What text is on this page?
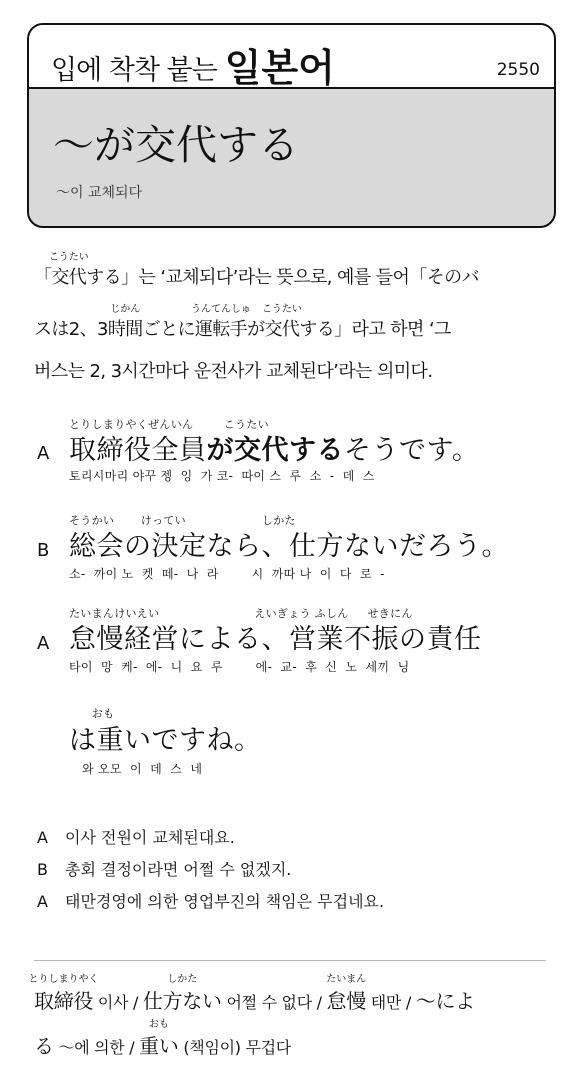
입에 착착 붙는 일본어	2550
〜が交代する
〜이 교체되다
「
こうたい
交代する」는 ‘교체되다’라는 뜻으로, 예를 들어「そのバ
スは2、3
じかん
時間ごとに
うんてんしゅ
運転手が
こうたい
交代する」라고 하면 ‘그
버스는 2, 3시간마다 운전사가 교체된다’라는 의미다.
とりしまりやくぜんいん        こうたい
A 取締役全員が交代するそうです。
토리시마리 야꾸 젱  잉  가 코-  따이 스  루  소  -  데  스
そうかい       けってい                    しかた
B 総会の決定なら、仕方ないだろう。
소-  까이 노  켓  떼-  나  라        시  까따 나  이  다  로  -
たいまんけいえい                         えいぎょう ふしん     せきにん
A 怠慢経営による、営業不振の責任
타이  망  케-  에-  니  요  루        에-  교-  후  신  노  세끼  닝
おも
は重いですね。
와 오모  이  데  스  네
A 이사 전원이 교체된대요.
B 총회 결정이라면 어쩔 수 없겠지.
A 태만경영에 의한 영업부진의 책임은 무겁네요.
とりしまりやく
取締役 이사 /
しかた
仕方ない 어쩔 수 없다 /
たいまん
怠慢 태만 / 〜によ
る 〜에 의한 /
おも
重い (책임이) 무겁다
